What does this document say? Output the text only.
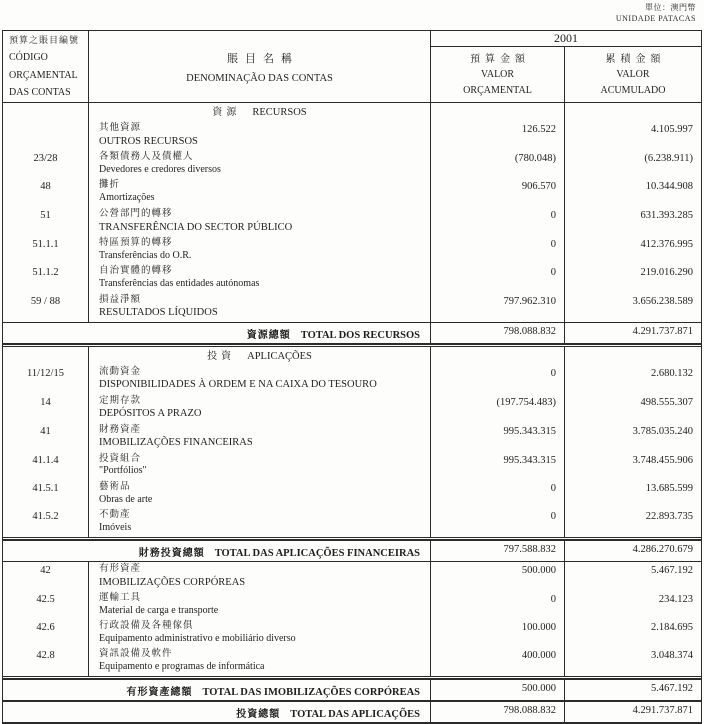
單位：澳門幣
UNIDADE PATACAS
預算之賬目編號
CÓDIGO
ORÇAMENTAL
DAS CONTAS
賬目名稱
DENOMINAÇÃO DAS CONTAS
2001
預算金額
VALOR
ORÇAMENTAL
累積金額
VALOR
ACUMULADO
資源 RECURSOS
其他資源
OUTROS RECURSOS
126.522	4.105.997
23/28	各類債務人及債權人
Devedores e credores diversos
(780.048)	(6.238.911)
48	攤折
Amortizações
906.570	10.344.908
51	公營部門的轉移
TRANSFERÊNCIA DO SECTOR PÚBLICO
0	631.393.285
51.1.1	特區預算的轉移
Transferências do O.R.
0	412.376.995
51.1.2	自治實體的轉移
Transferências das entidades autónomas
0	219.016.290
59 / 88	損益淨額
RESULTADOS LÍQUIDOS
797.962.310	3.656.238.589
資源總額 TOTAL DOS RECURSOS	798.088.832	4.291.737.871
投資 APLICAÇÕES
11/12/15	流動資金
DISPONIBILIDADES À ORDEM E NA CAIXA DO TESOURO
0	2.680.132
14	定期存款
DEPÓSITOS A PRAZO
(197.754.483)	498.555.307
41	財務資產
IMOBILIZAÇÕES FINANCEIRAS
995.343.315	3.785.035.240
41.1.4	投資組合
"Portfólios"
995.343.315	3.748.455.906
41.5.1	藝術品
Obras de arte
0	13.685.599
41.5.2	不動產
Imóveis
0	22.893.735
財務投資總額 TOTAL DAS APLICAÇÕES FINANCEIRAS	797.588.832	4.286.270.679
42	有形資產
IMOBILIZAÇÕES CORPÓREAS
500.000	5.467.192
42.5	運輸工具
Material de carga e transporte
0	234.123
42.6	行政設備及各種傢俱
Equipamento administrativo e mobiliário diverso
100.000	2.184.695
42.8	資訊設備及軟件
Equipamento e programas de informática
400.000	3.048.374
有形資產總額 TOTAL DAS IMOBILIZAÇÕES CORPÓREAS	500.000	5.467.192
投資總額 TOTAL DAS APLICAÇÕES	798.088.832	4.291.737.871
